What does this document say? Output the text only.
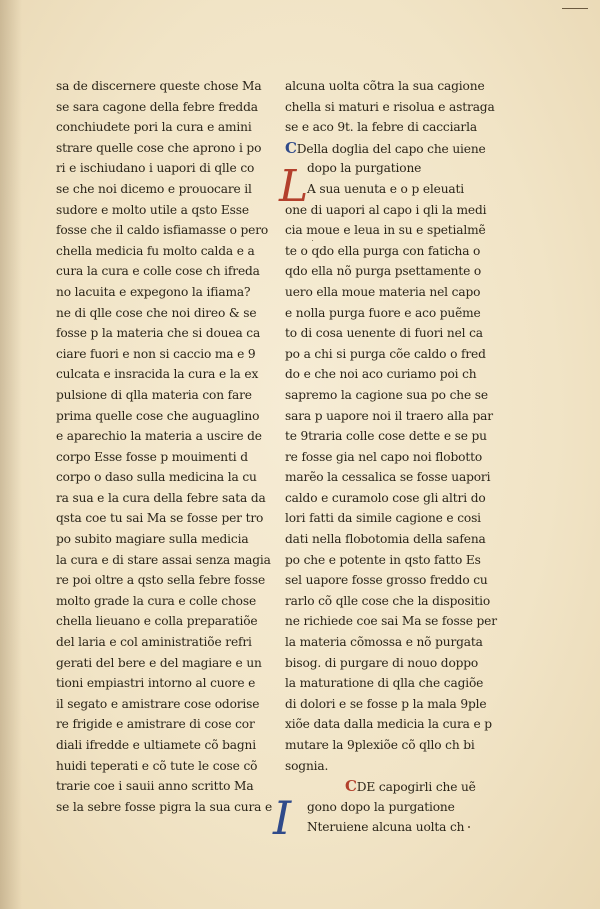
sa de discernere queste chose Ma
se sara cagone della febre fredda
conchiudete pori la cura e amini
strare quelle cose che aprono i po
ri e ischiudano i uapori di qlle co
se che noi dicemo e prouocare il
sudore e molto utile a qsto Esse
fosse che il caldo isfiamasse o pero
chella medicia fu molto calda e a
cura la cura e colle cose ch ifreda
no lacuita e expegono la ifiama?
ne di qlle cose che noi direo & se
fosse p la materia che si douea ca
ciare fuori e non si caccio ma e 9
culcata e insracida la cura e la ex
pulsione di qlla materia con fare
prima quelle cose che auguaglino
e aparechio la materia a uscire de
corpo Esse fosse p mouimenti d
corpo o daso sulla medicina la cu
ra sua e la cura della febre sata da
qsta coe tu sai Ma se fosse per tro
po subito magiare sulla medicia
la cura e di stare assai senza magia
re poi oltre a qsto sella febre fosse
molto grade la cura e colle chose
chella lieuano e colla preparatiõe
del laria e col aministratiõe refri
gerati del bere e del magiare e un
tioni empiastri intorno al cuore e
il segato e amistrare cose odorise
re frigide e amistrare di cose cor
diali ifredde e ultiamete cõ bagni
huidi teperati e cõ tute le cose cõ
trarie coe i sauii anno scritto Ma
se la sebre fosse pigra la sua cura e
alcuna uolta cõtra la sua cagione
chella si maturi e risolua e astraga
se e aco 9t. la febre di cacciarla
CDella doglia del capo che uiene
dopo la purgatione
L
A sua uenuta e o p eleuati
one di uapori al capo i qli la medi
cia moue e leua in su e spetialmẽ
te o qdo ella purga con faticha o
qdo ella nõ purga psettamente o
uero ella moue materia nel capo
e nolla purga fuore e aco puẽme
to di cosa uenente di fuori nel ca
po a chi si purga cõe caldo o fred
do e che noi aco curiamo poi ch
sapremo la cagione sua po che se
sara p uapore noi il traero alla par
te 9traria colle cose dette e se pu
re fosse gia nel capo noi flobotto
marẽo la cessalica se fosse uapori
caldo e curamolo cose gli altri do
lori fatti da simile cagione e cosi
dati nella flobotomia della safena
po che e potente in qsto fatto Es
sel uapore fosse grosso freddo cu
rarlo cõ qlle cose che la dispositio
ne richiede coe sai Ma se fosse per
la materia cõmossa e nõ purgata
bisog. di purgare di nouo doppo
la maturatione di qlla che cagiõe
di dolori e se fosse p la mala 9ple
xiõe data dalla medicia la cura e p
mutare la 9plexiõe cõ qllo ch bi
sognia.
CDE capogirli che uẽ
gono dopo la purgatione
I	Nteruiene alcuna uolta ch
